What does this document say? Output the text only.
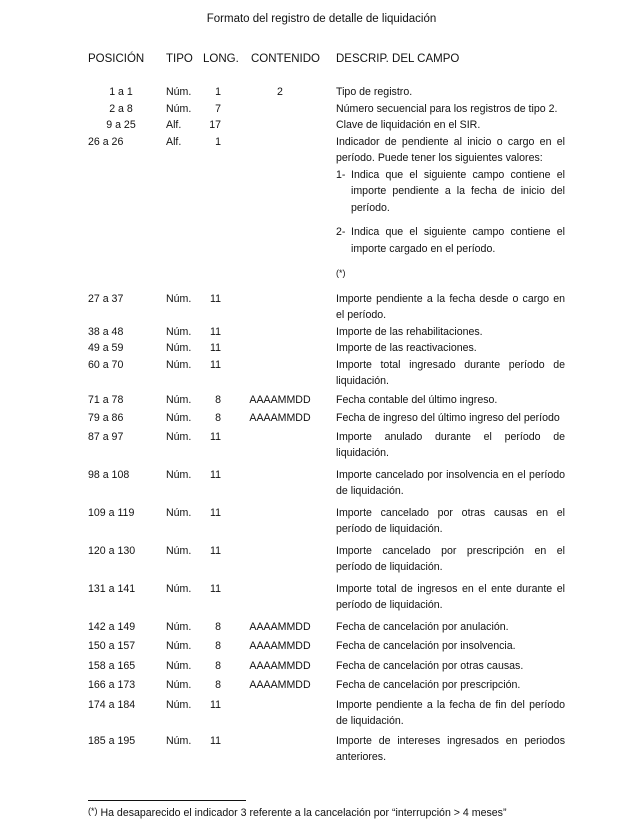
Formato del registro de detalle de liquidación
POSICIÓN TIPO LONG. CONTENIDO DESCRIP. DEL CAMPO
1 a 1	Núm.	1	2	Tipo de registro.
2 a 8	Núm.	7	Número secuencial para los registros de tipo 2.
9 a 25	Alf.	17	Clave de liquidación en el SIR.
26 a 26	Alf.	1	Indicador de pendiente al inicio o cargo en el
período. Puede tener los siguientes valores:
1- Indica que el siguiente campo contiene el
importe pendiente a la fecha de inicio del
período.
2- Indica que el siguiente campo contiene el
importe cargado en el período.
(*)
27 a 37	Núm.	11	Importe pendiente a la fecha desde o cargo en
el período.
38 a 48	Núm.	11	Importe de las rehabilitaciones.
49 a 59	Núm.	11	Importe de las reactivaciones.
60 a 70	Núm.	11	Importe total ingresado durante período de
liquidación.
71 a 78	Núm.	8	AAAAMMDD	Fecha contable del último ingreso.
79 a 86	Núm.	8	AAAAMMDD	Fecha de ingreso del último ingreso del período
87 a 97	Núm.	11	Importe anulado durante el período de
liquidación.
98 a 108	Núm.	11	Importe cancelado por insolvencia en el período
de liquidación.
109 a 119	Núm.	11	Importe cancelado por otras causas en el
período de liquidación.
120 a 130	Núm.	11	Importe cancelado por prescripción en el
período de liquidación.
131 a 141	Núm.	11	Importe total de ingresos en el ente durante el
período de liquidación.
142 a 149	Núm.	8	AAAAMMDD	Fecha de cancelación por anulación.
150 a 157	Núm.	8	AAAAMMDD	Fecha de cancelación por insolvencia.
158 a 165	Núm.	8	AAAAMMDD	Fecha de cancelación por otras causas.
166 a 173	Núm.	8	AAAAMMDD	Fecha de cancelación por prescripción.
174 a 184	Núm.	11	Importe pendiente a la fecha de fin del período
de liquidación.
185 a 195	Núm.	11	Importe de intereses ingresados en periodos
anteriores.
(*) Ha desaparecido el indicador 3 referente a la cancelación por “interrupción > 4 meses”
